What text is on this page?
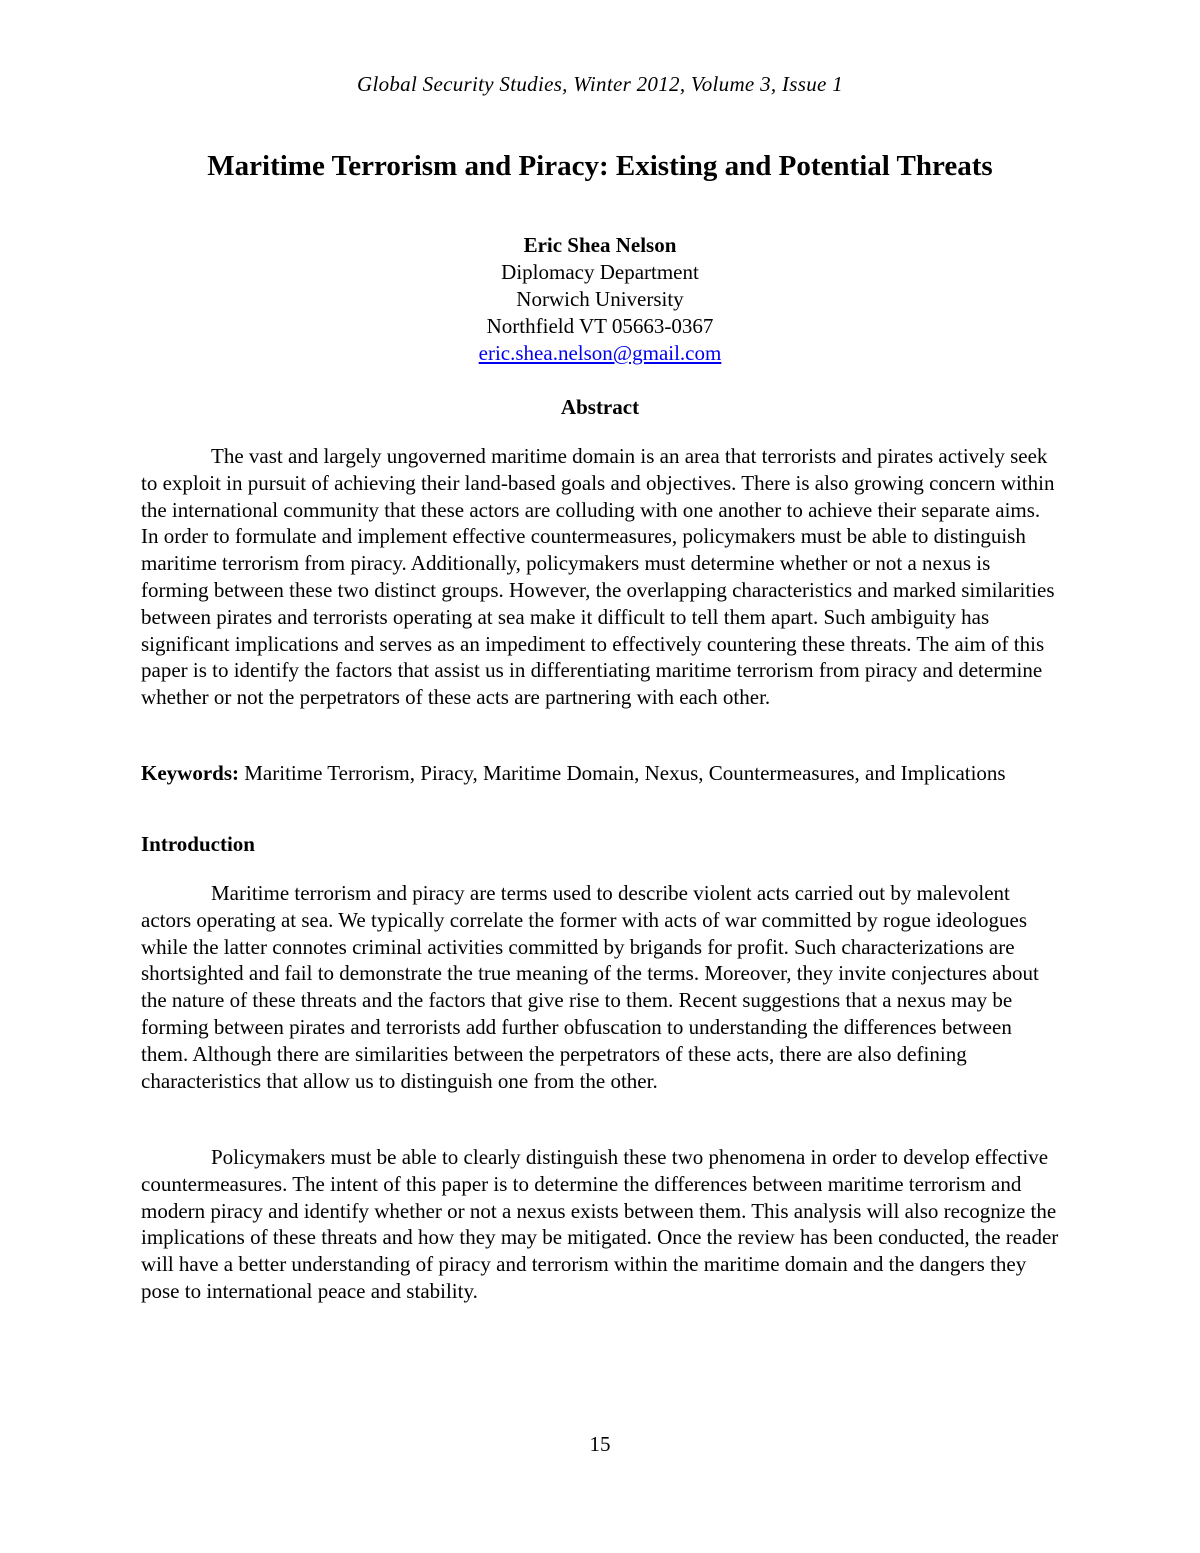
Global Security Studies, Winter 2012, Volume 3, Issue 1
Maritime Terrorism and Piracy: Existing and Potential Threats
Eric Shea Nelson
Diplomacy Department
Norwich University
Northfield VT 05663-0367
eric.shea.nelson@gmail.com
Abstract

The vast and largely ungoverned maritime domain is an area that terrorists and pirates actively seek to exploit in pursuit of achieving their land-based goals and objectives. There is also growing concern within the international community that these actors are colluding with one another to achieve their separate aims. In order to formulate and implement effective countermeasures, policymakers must be able to distinguish maritime terrorism from piracy. Additionally, policymakers must determine whether or not a nexus is forming between these two distinct groups. However, the overlapping characteristics and marked similarities between pirates and terrorists operating at sea make it difficult to tell them apart. Such ambiguity has significant implications and serves as an impediment to effectively countering these threats. The aim of this paper is to identify the factors that assist us in differentiating maritime terrorism from piracy and determine whether or not the perpetrators of these acts are partnering with each other.

Keywords: Maritime Terrorism, Piracy, Maritime Domain, Nexus, Countermeasures, and Implications

Introduction

Maritime terrorism and piracy are terms used to describe violent acts carried out by malevolent actors operating at sea. We typically correlate the former with acts of war committed by rogue ideologues while the latter connotes criminal activities committed by brigands for profit. Such characterizations are shortsighted and fail to demonstrate the true meaning of the terms. Moreover, they invite conjectures about the nature of these threats and the factors that give rise to them. Recent suggestions that a nexus may be forming between pirates and terrorists add further obfuscation to understanding the differences between them. Although there are similarities between the perpetrators of these acts, there are also defining characteristics that allow us to distinguish one from the other.

Policymakers must be able to clearly distinguish these two phenomena in order to develop effective countermeasures. The intent of this paper is to determine the differences between maritime terrorism and modern piracy and identify whether or not a nexus exists between them. This analysis will also recognize the implications of these threats and how they may be mitigated. Once the review has been conducted, the reader will have a better understanding of piracy and terrorism within the maritime domain and the dangers they pose to international peace and stability.

15
